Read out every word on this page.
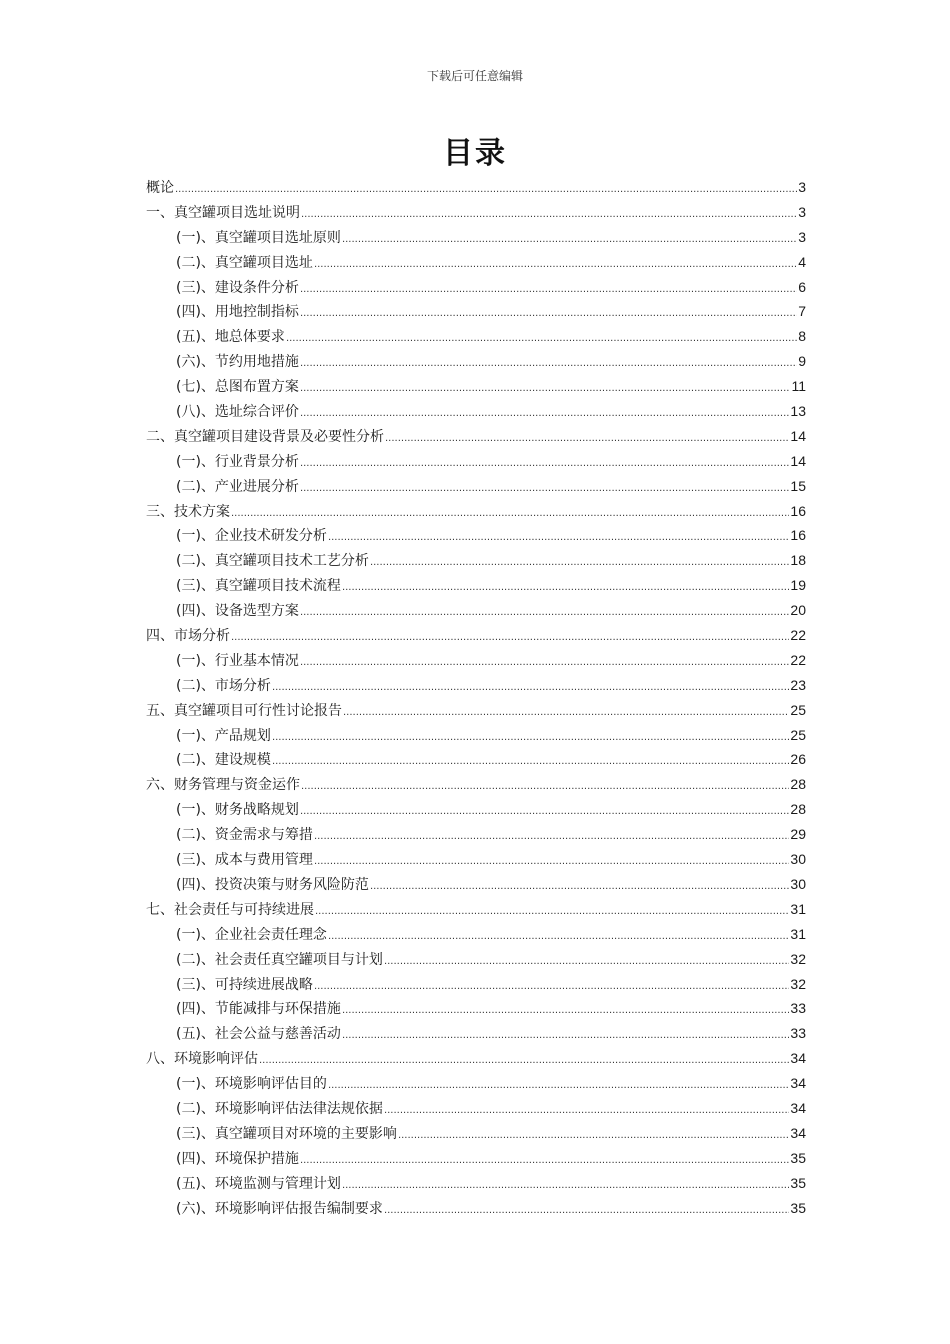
下载后可任意编辑
目录
概论 .....	3
一、真空罐项目选址说明 .....	3
(一)、真空罐项目选址原则 .....	3
(二)、真空罐项目选址 .....	4
(三)、建设条件分析 .....	6
(四)、用地控制指标 .....	7
(五)、地总体要求 .....	8
(六)、节约用地措施 .....	9
(七)、总图布置方案 .....	11
(八)、选址综合评价 .....	13
二、真空罐项目建设背景及必要性分析 .....	14
(一)、行业背景分析 .....	14
(二)、产业进展分析 .....	15
三、技术方案 .....	16
(一)、企业技术研发分析 .....	16
(二)、真空罐项目技术工艺分析 .....	18
(三)、真空罐项目技术流程 .....	19
(四)、设备选型方案 .....	20
四、市场分析 .....	22
(一)、行业基本情况 .....	22
(二)、市场分析 .....	23
五、真空罐项目可行性讨论报告 .....	25
(一)、产品规划 .....	25
(二)、建设规模 .....	26
六、财务管理与资金运作 .....	28
(一)、财务战略规划 .....	28
(二)、资金需求与筹措 .....	29
(三)、成本与费用管理 .....	30
(四)、投资决策与财务风险防范 .....	30
七、社会责任与可持续进展 .....	31
(一)、企业社会责任理念 .....	31
(二)、社会责任真空罐项目与计划 .....	32
(三)、可持续进展战略 .....	32
(四)、节能减排与环保措施 .....	33
(五)、社会公益与慈善活动 .....	33
八、环境影响评估 .....	34
(一)、环境影响评估目的 .....	34
(二)、环境影响评估法律法规依据 .....	34
(三)、真空罐项目对环境的主要影响 .....	34
(四)、环境保护措施 .....	35
(五)、环境监测与管理计划 .....	35
(六)、环境影响评估报告编制要求 .....	35
